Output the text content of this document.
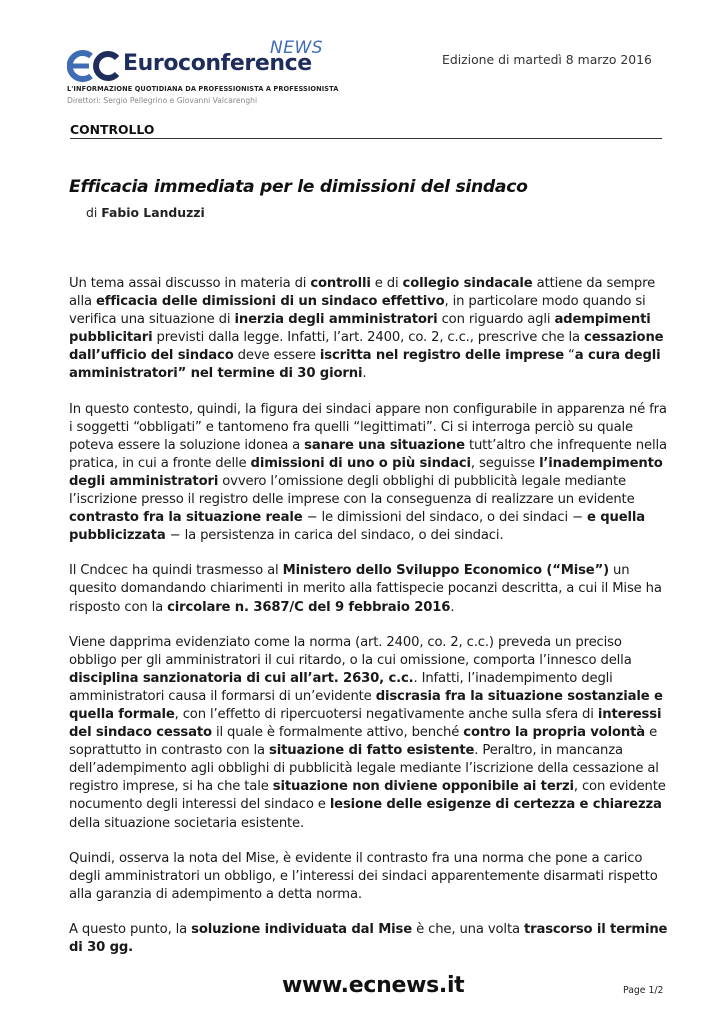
NEWS
Euroconference
L'INFORMAZIONE QUOTIDIANA DA PROFESSIONISTA A PROFESSIONISTA
Direttori: Sergio Pellegrino e Giovanni Valcarenghi
Edizione di martedì 8 marzo 2016
CONTROLLO
Efficacia immediata per le dimissioni del sindaco
di Fabio Landuzzi

Un tema assai discusso in materia di controlli e di collegio sindacale attiene da sempre alla efficacia delle dimissioni di un sindaco effettivo, in particolare modo quando si verifica una situazione di inerzia degli amministratori con riguardo agli adempimenti pubblicitari previsti dalla legge. Infatti, l’art. 2400, co. 2, c.c., prescrive che la cessazione dall’ufficio del sindaco deve essere iscritta nel registro delle imprese “a cura degli amministratori” nel termine di 30 giorni.

In questo contesto, quindi, la figura dei sindaci appare non configurabile in apparenza né fra i soggetti “obbligati” e tantomeno fra quelli “legittimati”. Ci si interroga perciò su quale poteva essere la soluzione idonea a sanare una situazione tutt’altro che infrequente nella pratica, in cui a fronte delle dimissioni di uno o più sindaci, seguisse l’inadempimento degli amministratori ovvero l’omissione degli obblighi di pubblicità legale mediante l’iscrizione presso il registro delle imprese con la conseguenza di realizzare un evidente contrasto fra la situazione reale − le dimissioni del sindaco, o dei sindaci − e quella pubblicizzata − la persistenza in carica del sindaco, o dei sindaci.

Il Cndcec ha quindi trasmesso al Ministero dello Sviluppo Economico (“Mise”) un quesito domandando chiarimenti in merito alla fattispecie pocanzi descritta, a cui il Mise ha risposto con la circolare n. 3687/C del 9 febbraio 2016.

Viene dapprima evidenziato come la norma (art. 2400, co. 2, c.c.) preveda un preciso obbligo per gli amministratori il cui ritardo, o la cui omissione, comporta l’innesco della disciplina sanzionatoria di cui all’art. 2630, c.c.. Infatti, l’inadempimento degli amministratori causa il formarsi di un’evidente discrasia fra la situazione sostanziale e quella formale, con l’effetto di ripercuotersi negativamente anche sulla sfera di interessi del sindaco cessato il quale è formalmente attivo, benché contro la propria volontà e soprattutto in contrasto con la situazione di fatto esistente. Peraltro, in mancanza dell’adempimento agli obblighi di pubblicità legale mediante l’iscrizione della cessazione al registro imprese, si ha che tale situazione non diviene opponibile ai terzi, con evidente nocumento degli interessi del sindaco e lesione delle esigenze di certezza e chiarezza della situazione societaria esistente.

Quindi, osserva la nota del Mise, è evidente il contrasto fra una norma che pone a carico degli amministratori un obbligo, e l’interessi dei sindaci apparentemente disarmati rispetto alla garanzia di adempimento a detta norma.

A questo punto, la soluzione individuata dal Mise è che, una volta trascorso il termine di 30 gg.

www.ecnews.it	Page 1/2
